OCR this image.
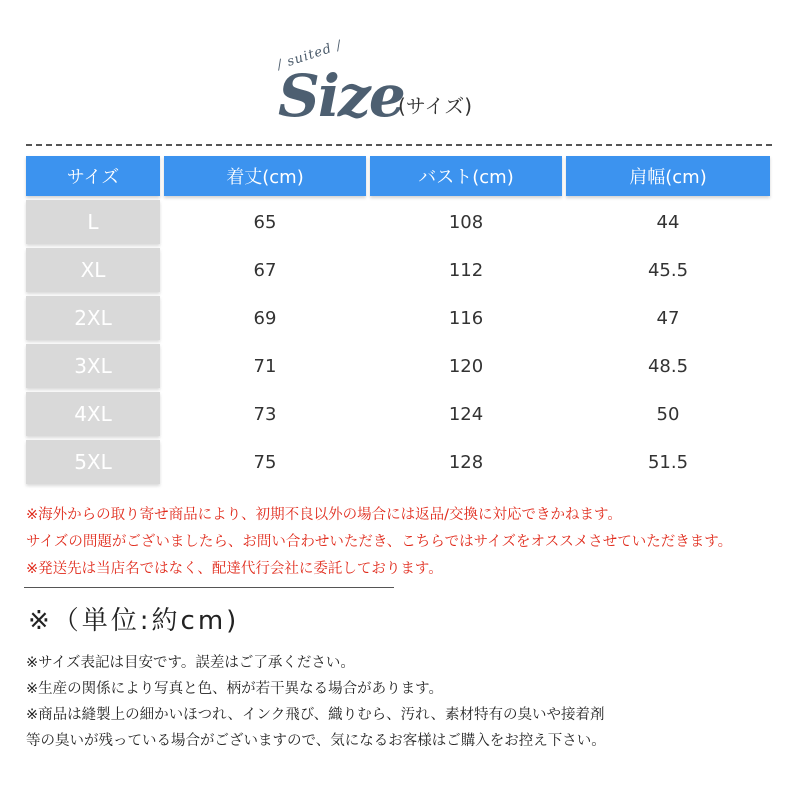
/ suited /
Size
(サイズ)
サイズ	着丈(cm)	バスト(cm)	肩幅(cm)
L	65	108	44
XL	67	112	45.5
2XL	69	116	47
3XL	71	120	48.5
4XL	73	124	50
5XL	75	128	51.5
※海外からの取り寄せ商品により、初期不良以外の場合には返品/交換に対応できかねます。
サイズの問題がございましたら、お問い合わせいただき、こちらではサイズをオススメさせていただきます。
※発送先は当店名ではなく、配達代行会社に委託しております。
※（単位:約cm)
※サイズ表記は目安です。誤差はご了承ください。
※生産の関係により写真と色、柄が若干異なる場合があります。
※商品は縫製上の細かいほつれ、インク飛び、織りむら、汚れ、素材特有の臭いや接着剤
等の臭いが残っている場合がございますので、気になるお客様はご購入をお控え下さい。
